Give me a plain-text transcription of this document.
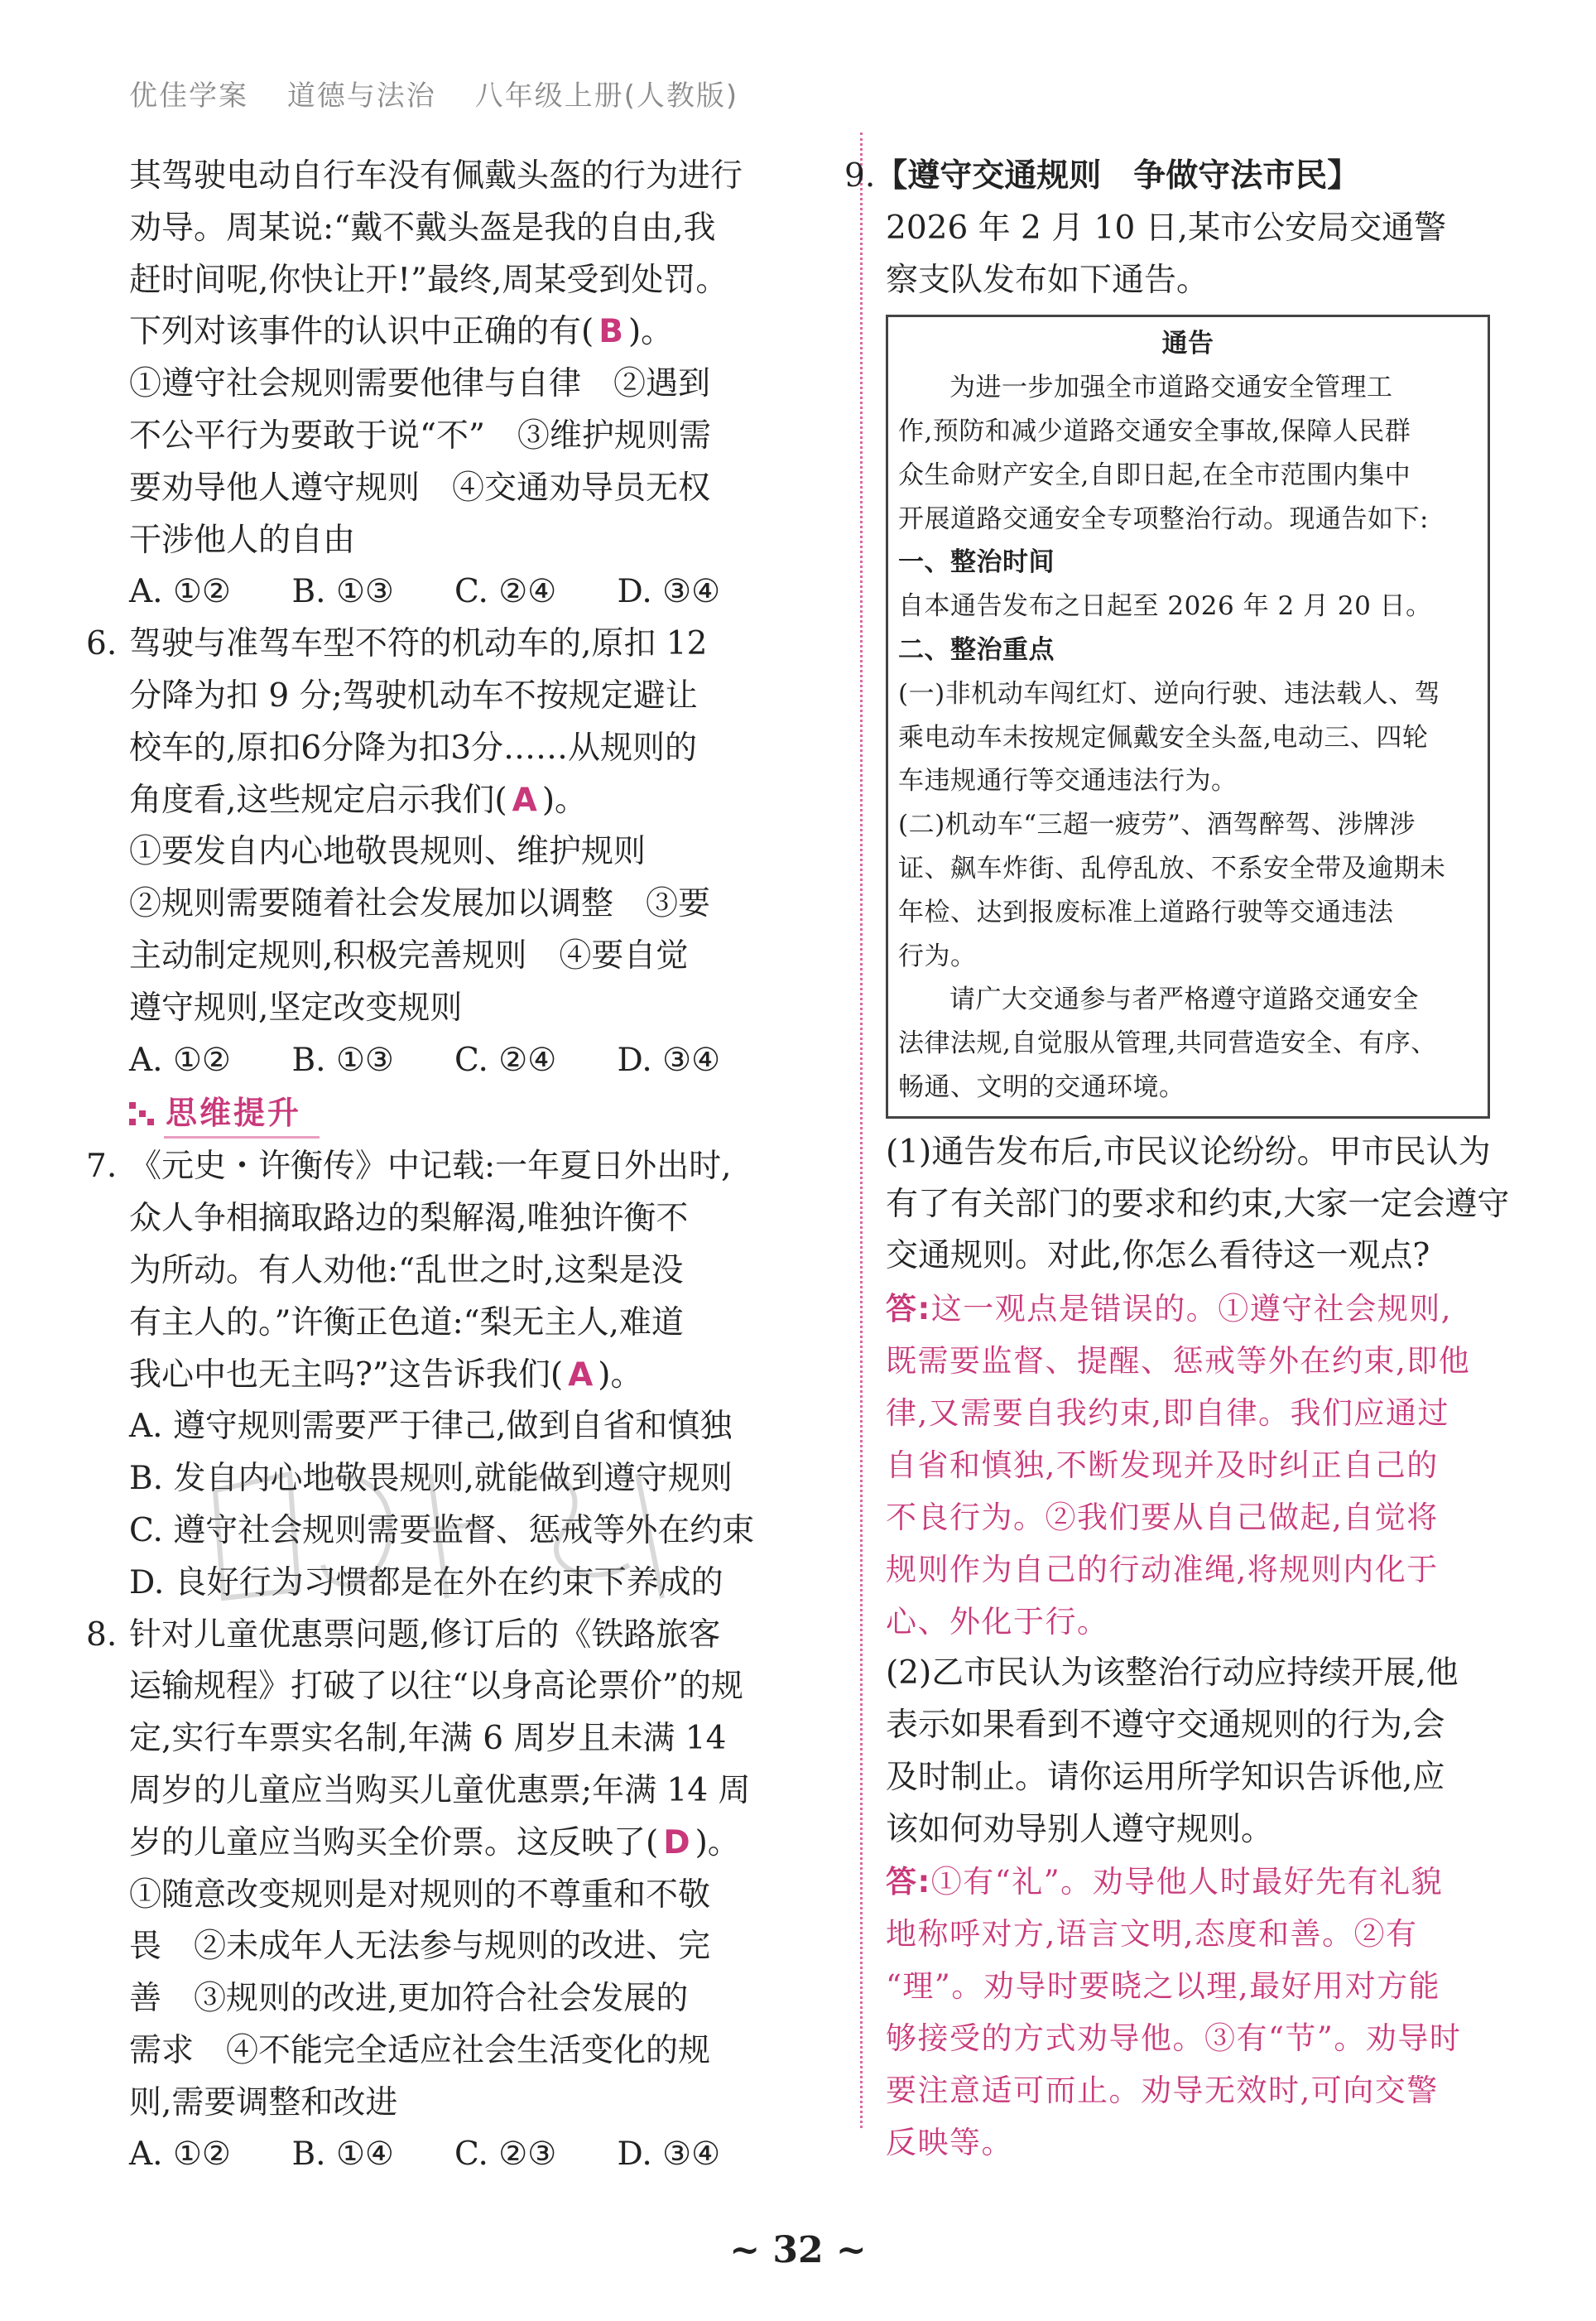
优佳学案 道德与法治 八年级上册(人教版)

其驾驶电动自行车没有佩戴头盔的行为进行

劝导。周某说:“戴不戴头盔是我的自由,我

赶时间呢,你快让开!”最终,周某受到处罚。

下列对该事件的认识中正确的有( B )。

①遵守社会规则需要他律与自律　②遇到

不公平行为要敢于说“不”　③维护规则需

要劝导他人遵守规则　④交通劝导员无权

干涉他人的自由

A. ①②	B. ①③	C. ②④	D. ③④
6. 驾驶与准驾车型不符的机动车的,原扣 12

分降为扣 9 分;驾驶机动车不按规定避让

校车的,原扣6分降为扣3分……从规则的

角度看,这些规定启示我们( A )。

①要发自内心地敬畏规则、维护规则

②规则需要随着社会发展加以调整　③要

主动制定规则,积极完善规则　④要自觉

遵守规则,坚定改变规则

A. ①②	B. ①③	C. ②④	D. ③④
思维提升
7. 《元史・许衡传》中记载:一年夏日外出时,

众人争相摘取路边的梨解渴,唯独许衡不

为所动。有人劝他:“乱世之时,这梨是没

有主人的。”许衡正色道:“梨无主人,难道

我心中也无主吗?”这告诉我们( A )。

A. 遵守规则需要严于律己,做到自省和慎独

B. 发自内心地敬畏规则,就能做到遵守规则

C. 遵守社会规则需要监督、惩戒等外在约束

D. 良好行为习惯都是在外在约束下养成的

8. 针对儿童优惠票问题,修订后的《铁路旅客

运输规程》打破了以往“以身高论票价”的规

定,实行车票实名制,年满 6 周岁且未满 14

周岁的儿童应当购买儿童优惠票;年满 14 周

岁的儿童应当购买全价票。这反映了( D )。

①随意改变规则是对规则的不尊重和不敬

畏　②未成年人无法参与规则的改进、完

善　③规则的改进,更加符合社会发展的

需求　④不能完全适应社会生活变化的规

则,需要调整和改进

A. ①②	B. ①④	C. ②③	D. ③④

9.【遵守交通规则　争做守法市民】

2026 年 2 月 10 日,某市公安局交通警

察支队发布如下通告。

通告

为进一步加强全市道路交通安全管理工

作,预防和减少道路交通安全事故,保障人民群

众生命财产安全,自即日起,在全市范围内集中

开展道路交通安全专项整治行动。现通告如下:

一、整治时间

自本通告发布之日起至 2026 年 2 月 20 日。

二、整治重点

(一)非机动车闯红灯、逆向行驶、违法载人、驾

乘电动车未按规定佩戴安全头盔,电动三、四轮

车违规通行等交通违法行为。

(二)机动车“三超一疲劳”、酒驾醉驾、涉牌涉

证、飙车炸街、乱停乱放、不系安全带及逾期未

年检、达到报废标准上道路行驶等交通违法

行为。

请广大交通参与者严格遵守道路交通安全

法律法规,自觉服从管理,共同营造安全、有序、

畅通、文明的交通环境。

(1)通告发布后,市民议论纷纷。甲市民认为

有了有关部门的要求和约束,大家一定会遵守

交通规则。对此,你怎么看待这一观点?

答:这一观点是错误的。①遵守社会规则,

既需要监督、提醒、惩戒等外在约束,即他

律,又需要自我约束,即自律。我们应通过

自省和慎独,不断发现并及时纠正自己的

不良行为。②我们要从自己做起,自觉将

规则作为自己的行动准绳,将规则内化于

心、外化于行。

(2)乙市民认为该整治行动应持续开展,他

表示如果看到不遵守交通规则的行为,会

及时制止。请你运用所学知识告诉他,应

该如何劝导别人遵守规则。

答:①有“礼”。劝导他人时最好先有礼貌

地称呼对方,语言文明,态度和善。②有

“理”。劝导时要晓之以理,最好用对方能

够接受的方式劝导他。③有“节”。劝导时

要注意适可而止。劝导无效时,可向交警

反映等。

~ 32 ~
